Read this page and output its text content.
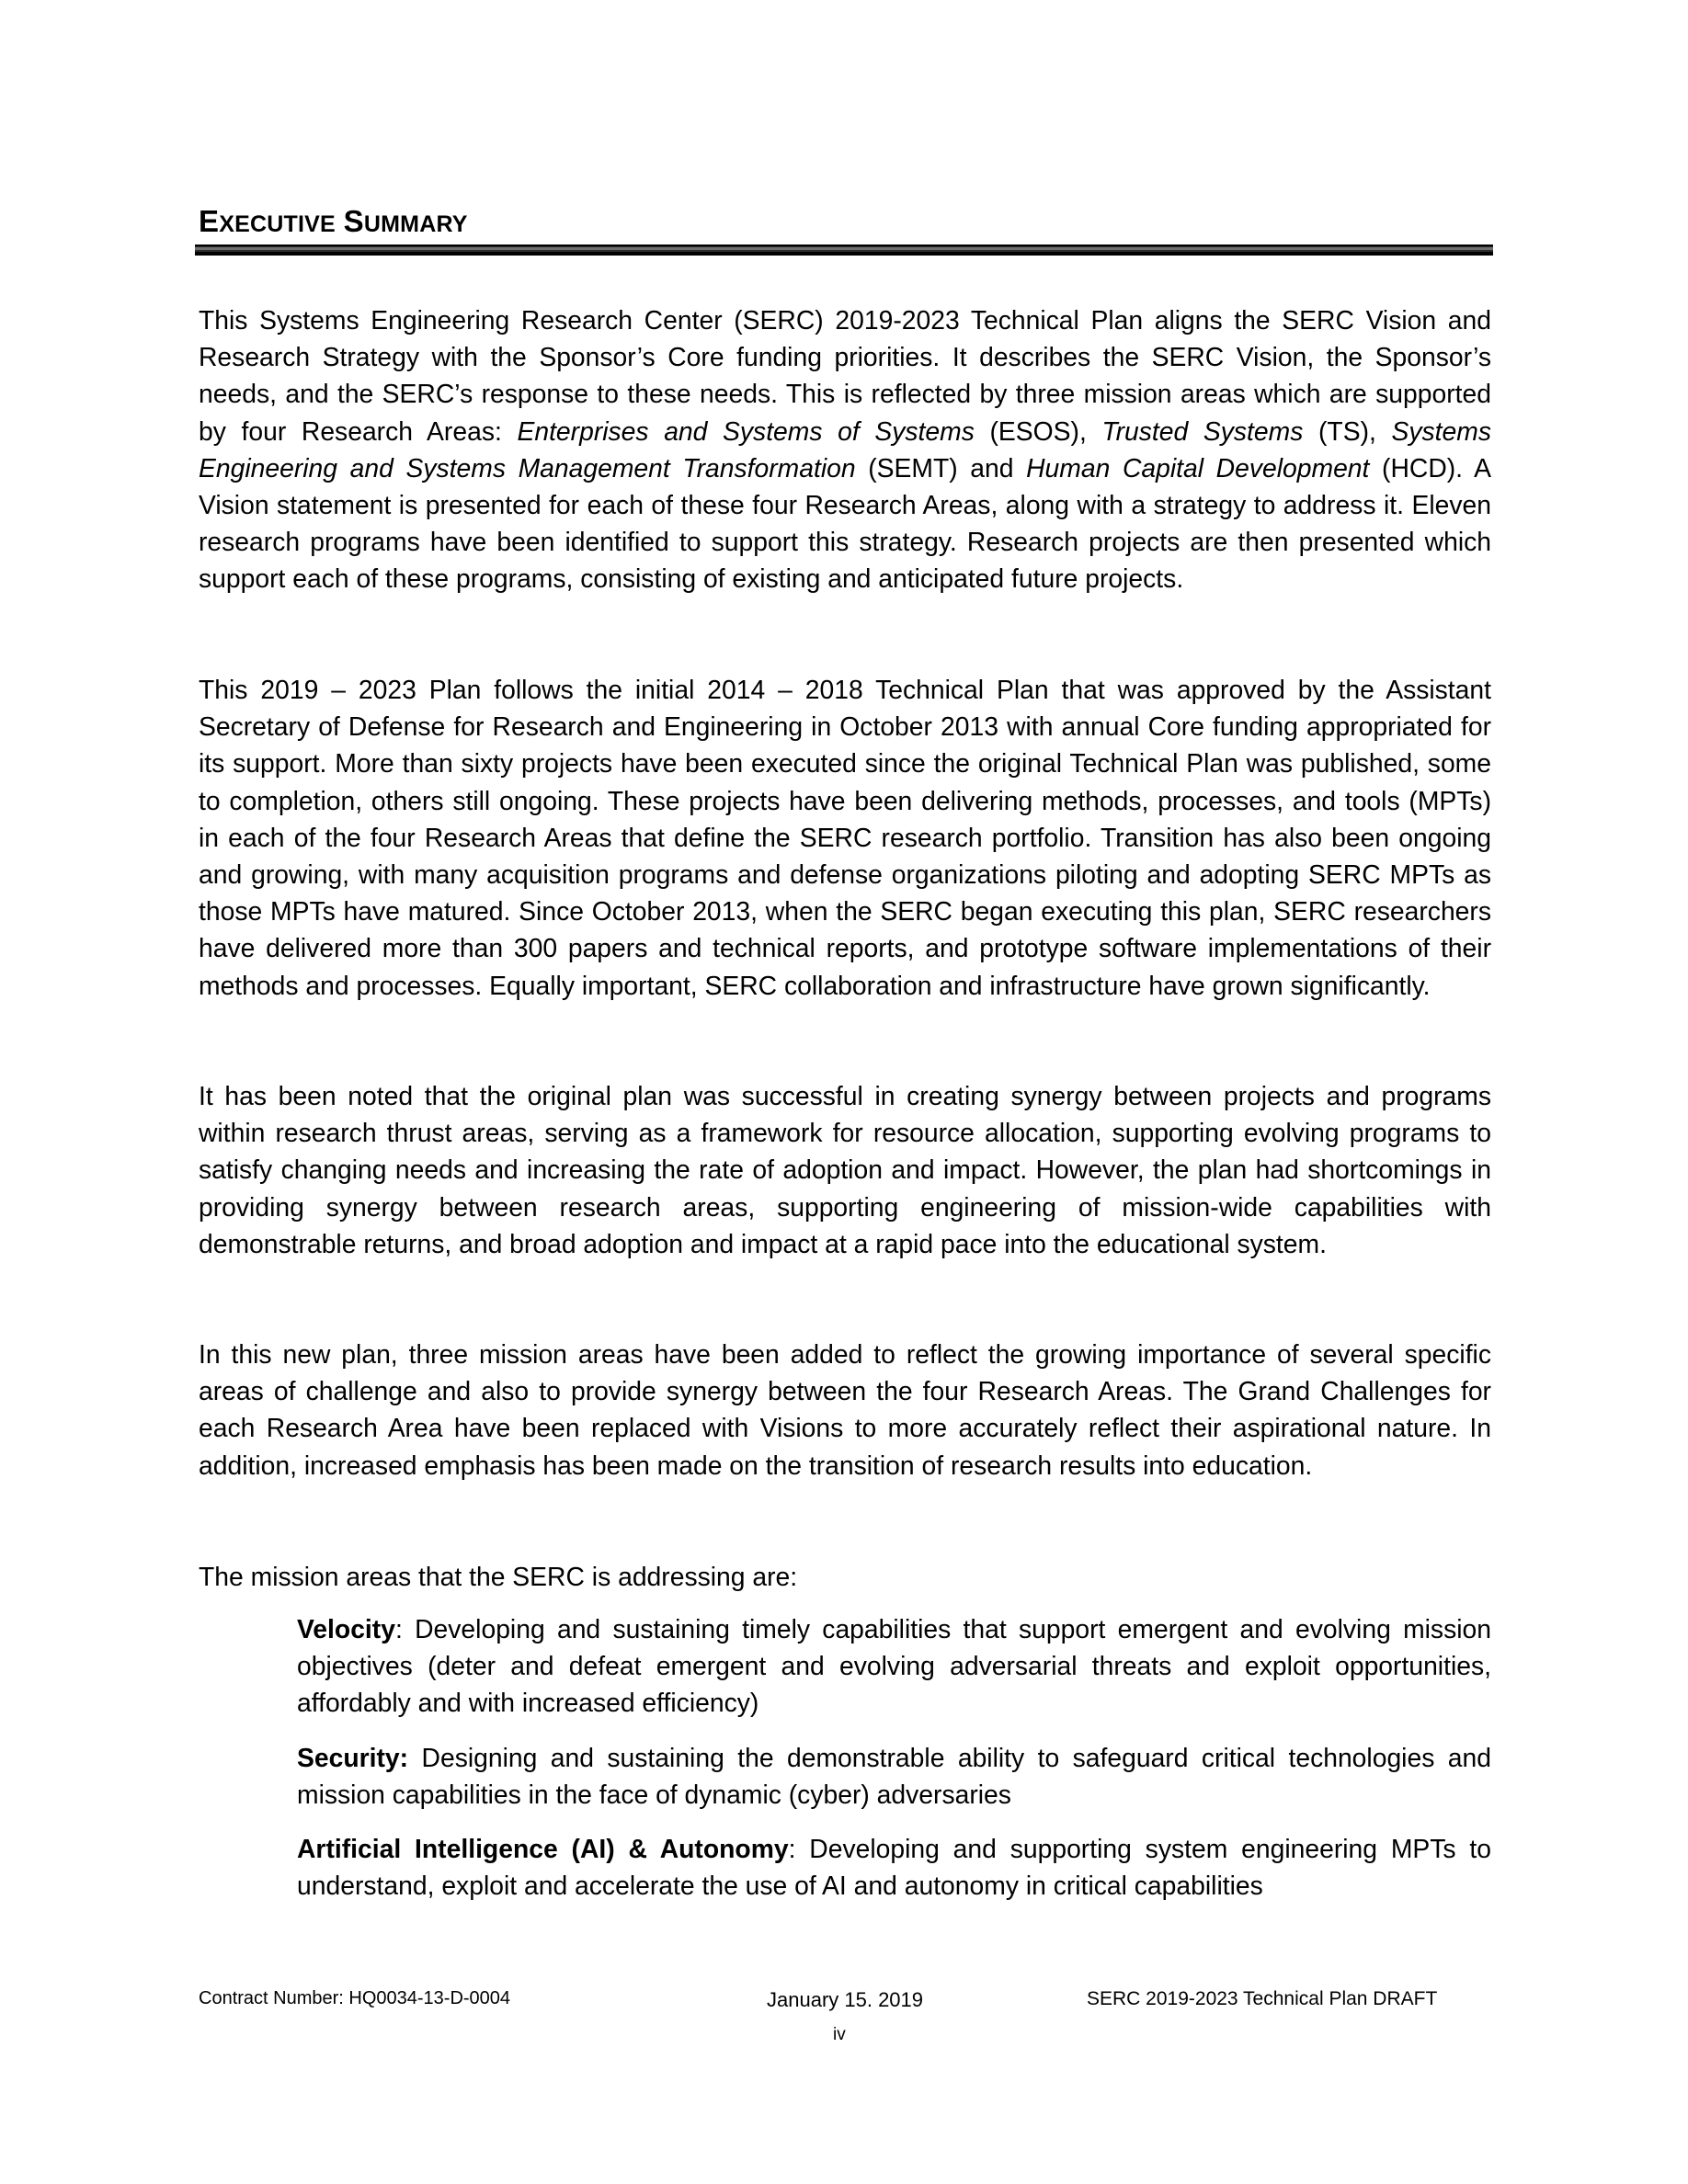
EXECUTIVE SUMMARY

This Systems Engineering Research Center (SERC) 2019-2023 Technical Plan aligns the SERC Vision and Research Strategy with the Sponsor’s Core funding priorities. It describes the SERC Vision, the Sponsor’s needs, and the SERC’s response to these needs. This is reflected by three mission areas which are supported by four Research Areas: Enterprises and Systems of Systems (ESOS), Trusted Systems (TS), Systems Engineering and Systems Management Transformation (SEMT) and Human Capital Development (HCD). A Vision statement is presented for each of these four Research Areas, along with a strategy to address it. Eleven research programs have been identified to support this strategy. Research projects are then presented which support each of these programs, consisting of existing and anticipated future projects.

This 2019 – 2023 Plan follows the initial 2014 – 2018 Technical Plan that was approved by the Assistant Secretary of Defense for Research and Engineering in October 2013 with annual Core funding appropriated for its support. More than sixty projects have been executed since the original Technical Plan was published, some to completion, others still ongoing. These projects have been delivering methods, processes, and tools (MPTs) in each of the four Research Areas that define the SERC research portfolio. Transition has also been ongoing and growing, with many acquisition programs and defense organizations piloting and adopting SERC MPTs as those MPTs have matured. Since October 2013, when the SERC began executing this plan, SERC researchers have delivered more than 300 papers and technical reports, and prototype software implementations of their methods and processes. Equally important, SERC collaboration and infrastructure have grown significantly.

It has been noted that the original plan was successful in creating synergy between projects and programs within research thrust areas, serving as a framework for resource allocation, supporting evolving programs to satisfy changing needs and increasing the rate of adoption and impact. However, the plan had shortcomings in providing synergy between research areas, supporting engineering of mission-wide capabilities with demonstrable returns, and broad adoption and impact at a rapid pace into the educational system.

In this new plan, three mission areas have been added to reflect the growing importance of several specific areas of challenge and also to provide synergy between the four Research Areas. The Grand Challenges for each Research Area have been replaced with Visions to more accurately reflect their aspirational nature. In addition, increased emphasis has been made on the transition of research results into education.

The mission areas that the SERC is addressing are:

Velocity: Developing and sustaining timely capabilities that support emergent and evolving mission objectives (deter and defeat emergent and evolving adversarial threats and exploit opportunities, affordably and with increased efficiency)

Security: Designing and sustaining the demonstrable ability to safeguard critical technologies and mission capabilities in the face of dynamic (cyber) adversaries

Artificial Intelligence (AI) & Autonomy: Developing and supporting system engineering MPTs to understand, exploit and accelerate the use of AI and autonomy in critical capabilities

Contract Number: HQ0034-13-D-0004	January 15. 2019	SERC 2019-2023 Technical Plan DRAFT
iv
